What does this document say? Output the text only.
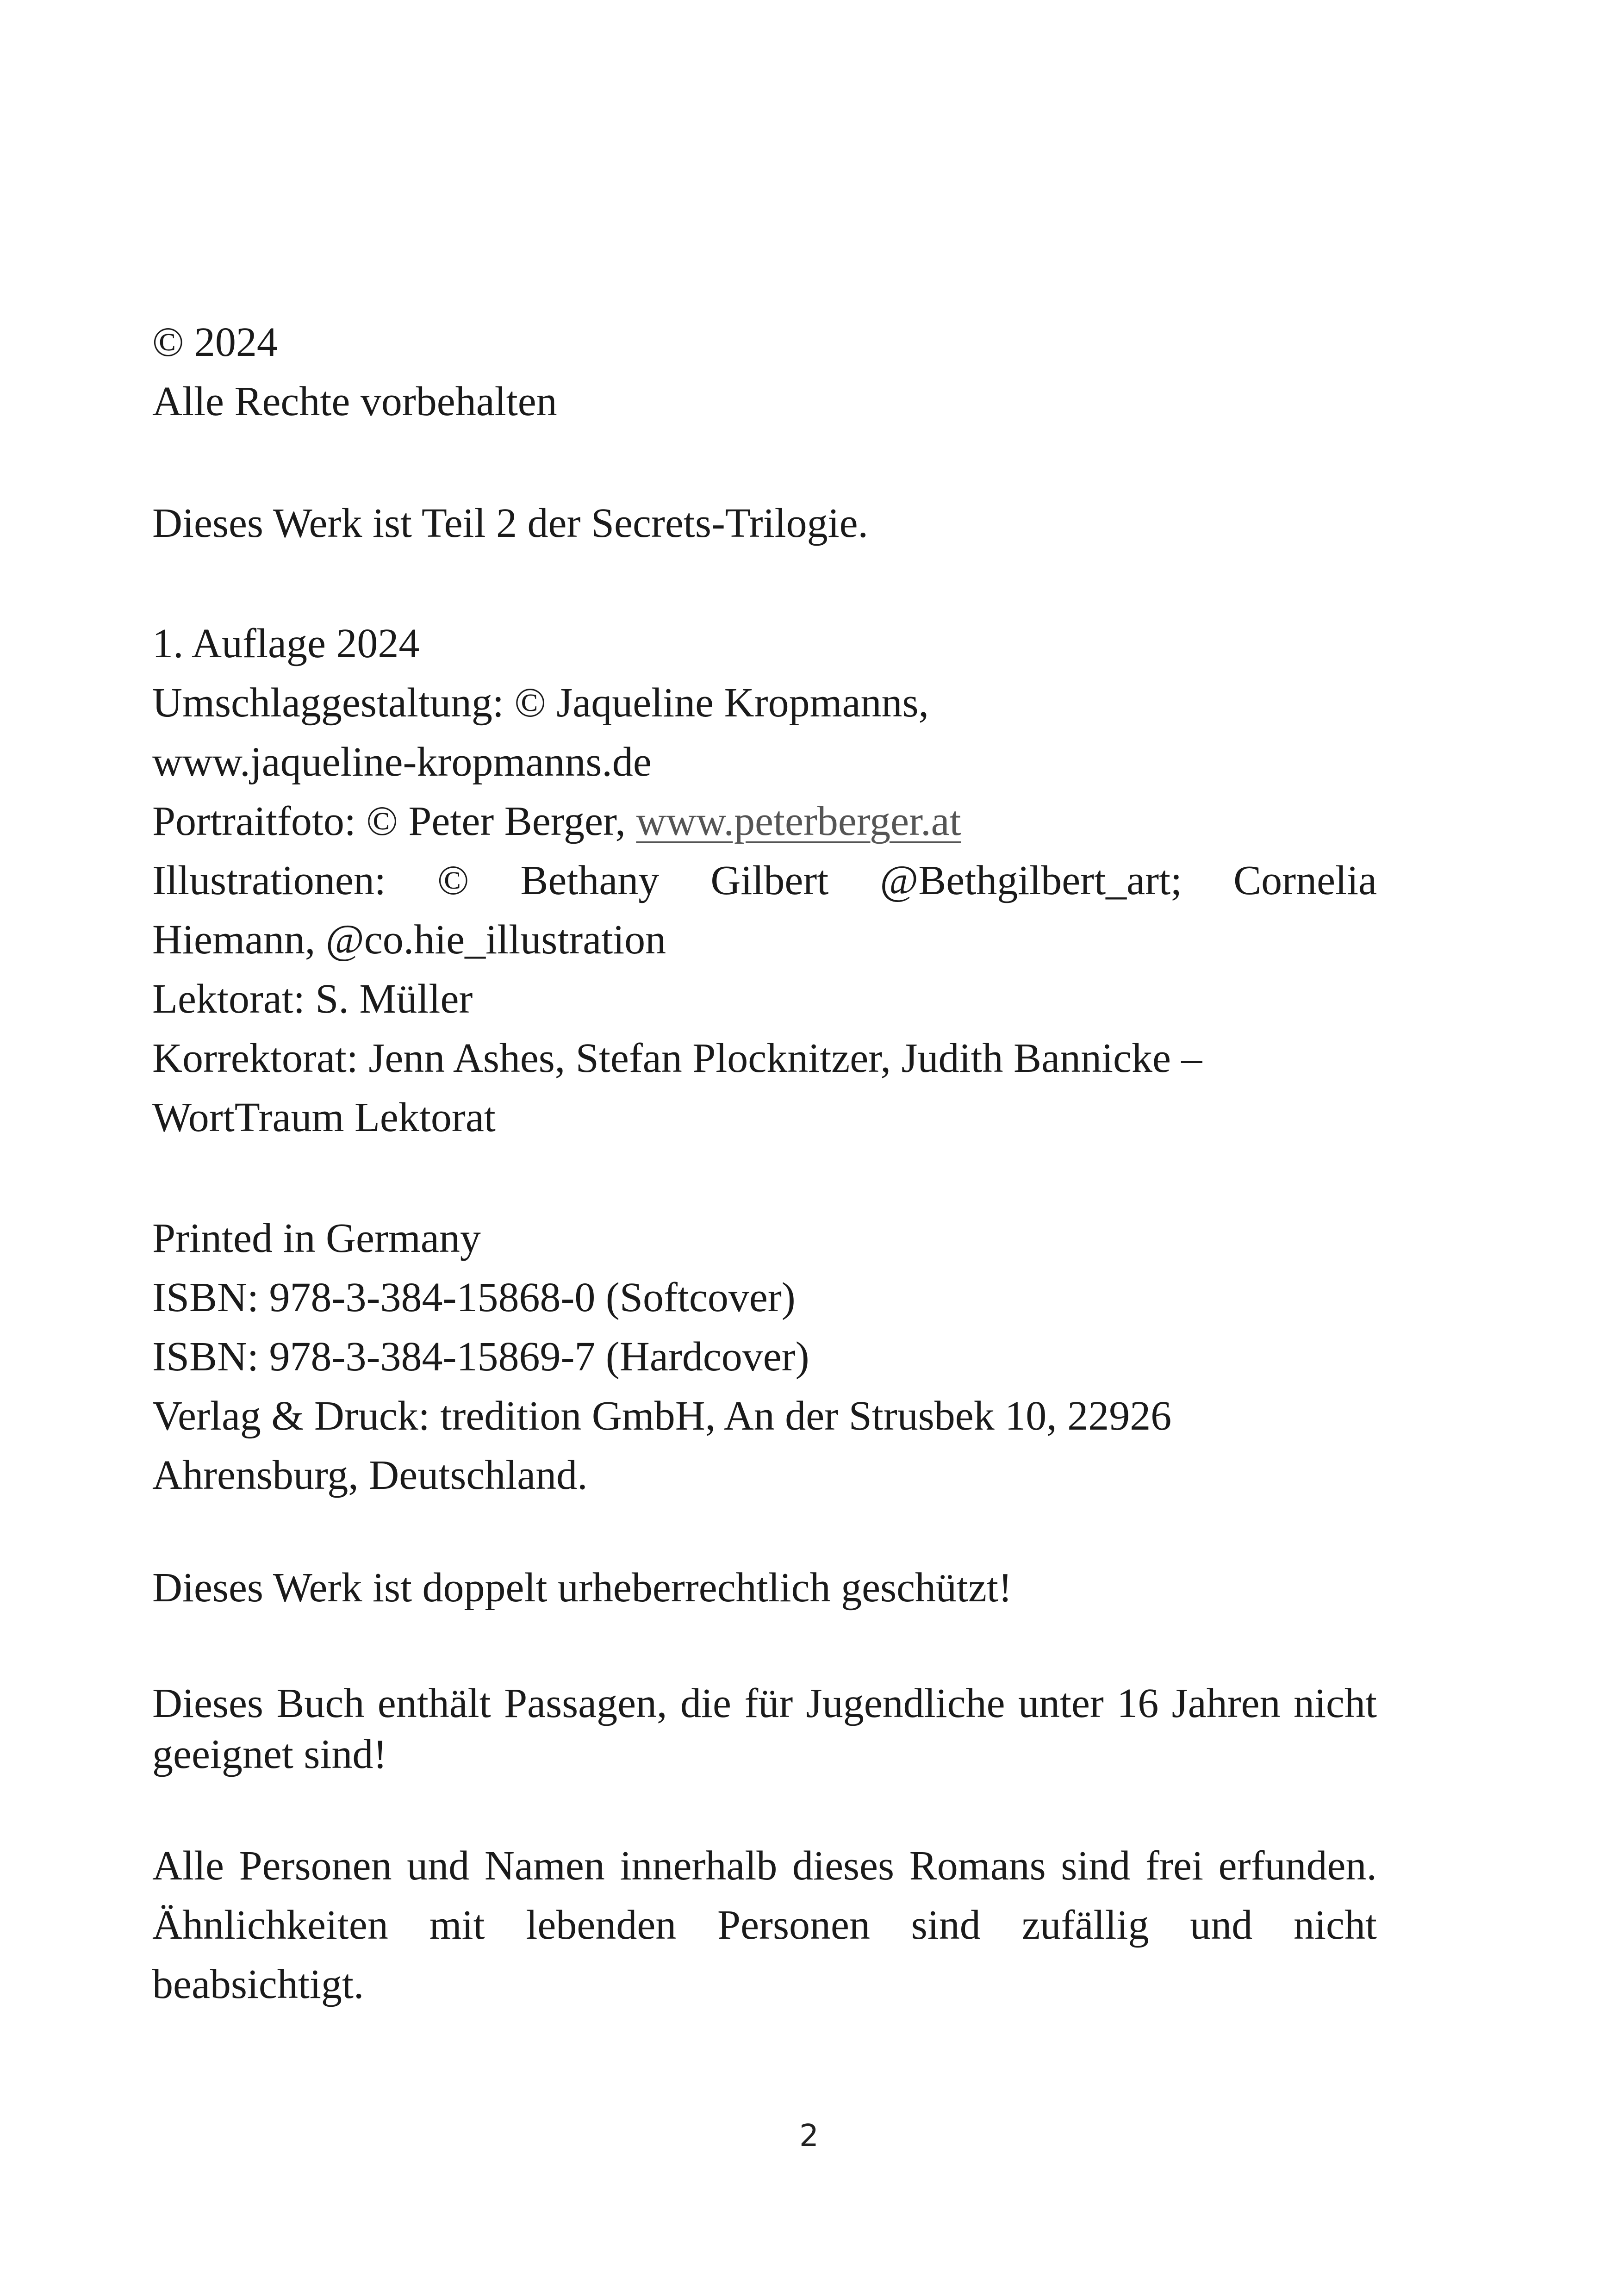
© 2024
Alle Rechte vorbehalten
Dieses Werk ist Teil 2 der Secrets-Trilogie.
1. Auflage 2024
Umschlaggestaltung: © Jaqueline Kropmanns,
www.jaqueline-kropmanns.de
Portraitfoto: © Peter Berger, www.peterberger.at
Illustrationen: © Bethany Gilbert @Bethgilbert_art; Cornelia
Hiemann, @co.hie_illustration
Lektorat: S. Müller
Korrektorat: Jenn Ashes, Stefan Plocknitzer, Judith Bannicke –
WortTraum Lektorat
Printed in Germany
ISBN: 978-3-384-15868-0 (Softcover)
ISBN: 978-3-384-15869-7 (Hardcover)
Verlag & Druck: tredition GmbH, An der Strusbek 10, 22926
Ahrensburg, Deutschland.
Dieses Werk ist doppelt urheberrechtlich geschützt!
Dieses Buch enthält Passagen, die für Jugendliche unter 16 Jahren nicht geeignet sind!
Alle Personen und Namen innerhalb dieses Romans sind frei erfunden. Ähnlichkeiten mit lebenden Personen sind zufällig und nicht beabsichtigt.
2
